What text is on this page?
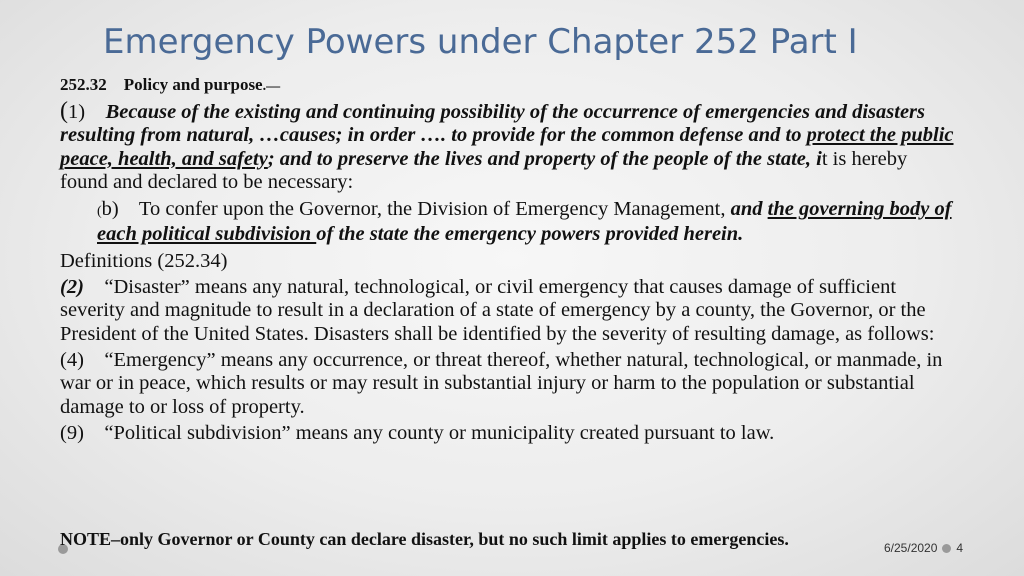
Emergency Powers under Chapter 252 Part I
252.32 Policy and purpose.—

(1) Because of the existing and continuing possibility of the occurrence of emergencies and disasters resulting from natural, …causes; in order …. to provide for the common defense and to protect the public peace, health, and safety; and to preserve the lives and property of the people of the state, it is hereby found and declared to be necessary:

(b) To confer upon the Governor, the Division of Emergency Management, and the governing body of each political subdivision of the state the emergency powers provided herein.

Definitions (252.34)

(2) “Disaster” means any natural, technological, or civil emergency that causes damage of sufficient severity and magnitude to result in a declaration of a state of emergency by a county, the Governor, or the President of the United States. Disasters shall be identified by the severity of resulting damage, as follows:

(4) “Emergency” means any occurrence, or threat thereof, whether natural, technological, or manmade, in war or in peace, which results or may result in substantial injury or harm to the population or substantial damage to or loss of property.

(9) “Political subdivision” means any county or municipality created pursuant to law.

NOTE–only Governor or County can declare disaster, but no such limit applies to emergencies.	6/25/2020 4
